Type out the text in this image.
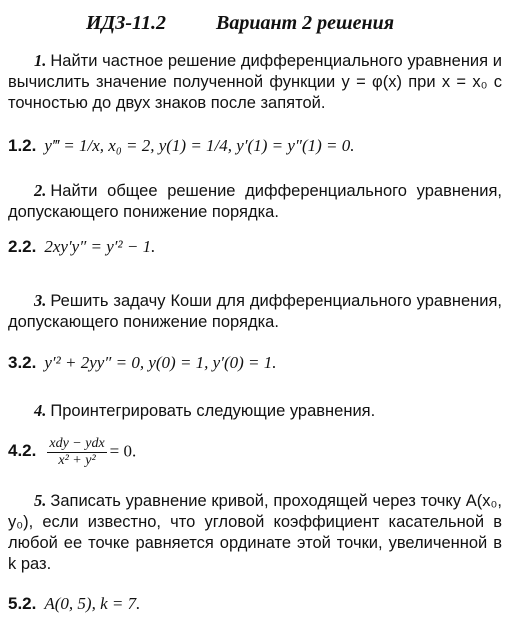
ИДЗ-11.2	Вариант 2 решения
1. Найти частное решение дифференциального уравнения и вычислить значение полученной функции y = φ(x) при x = x₀ с точностью до двух знаков после запятой.
1.2. y‴ = 1/x, x₀ = 2, y(1) = 1/4, y′(1) = y″(1) = 0.
2. Найти общее решение дифференциального уравнения, допускающего понижение порядка.
2.2. 2xy′y″ = y′² − 1.
3. Решить задачу Коши для дифференциального уравнения, допускающего понижение порядка.
3.2. y′² + 2yy″ = 0, y(0) = 1, y′(0) = 1.
4. Проинтегрировать следующие уравнения.
4.2. $\frac{\text{xdy − ydx}}{\text{x² + y²}} = 0$.
5. Записать уравнение кривой, проходящей через точку A(x₀, y₀), если известно, что угловой коэффициент касательной в любой ее точке равняется ординате этой точки, увеличенной в k раз.
5.2. A(0, 5), k = 7.
